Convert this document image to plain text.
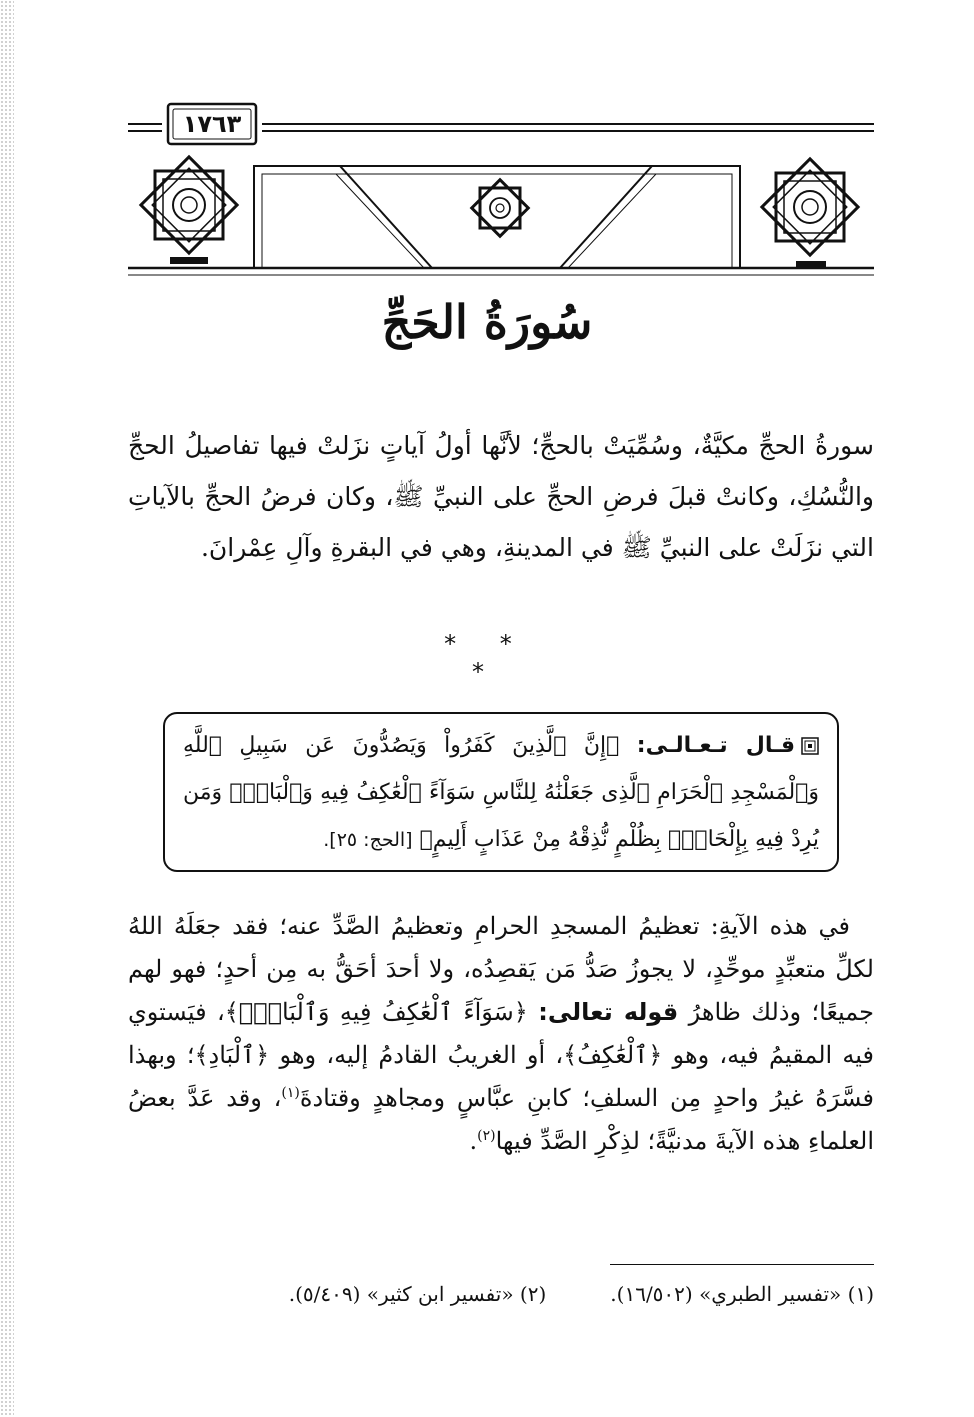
١٧٦٣
سُورَةُ الحَجِّ

سورةُ الحجِّ مكيَّةٌ، وسُمِّيَتْ بالحجِّ؛ لأنَّها أولُ آياتٍ نزَلتْ فيها تفاصيلُ الحجِّ والنُّسُكِ، وكانتْ قبلَ فرضِ الحجِّ على النبيِّ ﷺ، وكان فرضُ الحجِّ بالآياتِ التي نزَلَتْ على النبيِّ ﷺ في المدينةِ، وهي في البقرةِ وآلِ عِمْرانَ.

* * *

قـال تـعـالـى: ﴿إِنَّ ٱلَّذِينَ كَفَرُواْ وَيَصُدُّونَ عَن سَبِيلِ ٱللَّهِ وَٱلْمَسْجِدِ ٱلْحَرَامِ ٱلَّذِى جَعَلْنَٰهُ لِلنَّاسِ سَوَآءً ٱلْعَٰكِفُ فِيهِ وَٱلْبَادِۚ وَمَن يُرِدْ فِيهِ بِإِلْحَادٍۭ بِظُلْمٍ نُّذِقْهُ مِنْ عَذَابٍ أَلِيمٍ﴾ [الحج: ٢٥].

 في هذه الآيةِ: تعظيمُ المسجدِ الحرامِ وتعظيمُ الصَّدِّ عنه؛ فقد جعَلَهُ اللهُ لكلِّ متعبِّدٍ موحِّدٍ، لا يجوزُ صَدُّ مَن يَقصِدُه، ولا أحدَ أحَقُّ به مِن أحدٍ؛ فهو لهم جميعًا؛ وذلك ظاهرُ قوله تعالى: ﴿سَوَآءً ٱلْعَٰكِفُ فِيهِ وَٱلْبَادِۚ﴾، فيَستوي فيه المقيمُ فيه، وهو ﴿ٱلْعَٰكِفُ﴾، أو الغريبُ القادمُ إليه، وهو ﴿ٱلْبَادِ﴾؛ وبهذا فسَّرَهُ غيرُ واحدٍ مِن السلفِ؛ كابنِ عبَّاسٍ ومجاهدٍ وقتادةَ$^{(١)}$، وقد عَدَّ بعضُ العلماءِ هذه الآيةَ مدنيَّةً؛ لذِكْرِ الصَّدِّ فيها$^{(٢)}$.

(١) «تفسير الطبري» (١٦/٥٠٢).
(٢) «تفسير ابن كثير» (٥/٤٠٩).
